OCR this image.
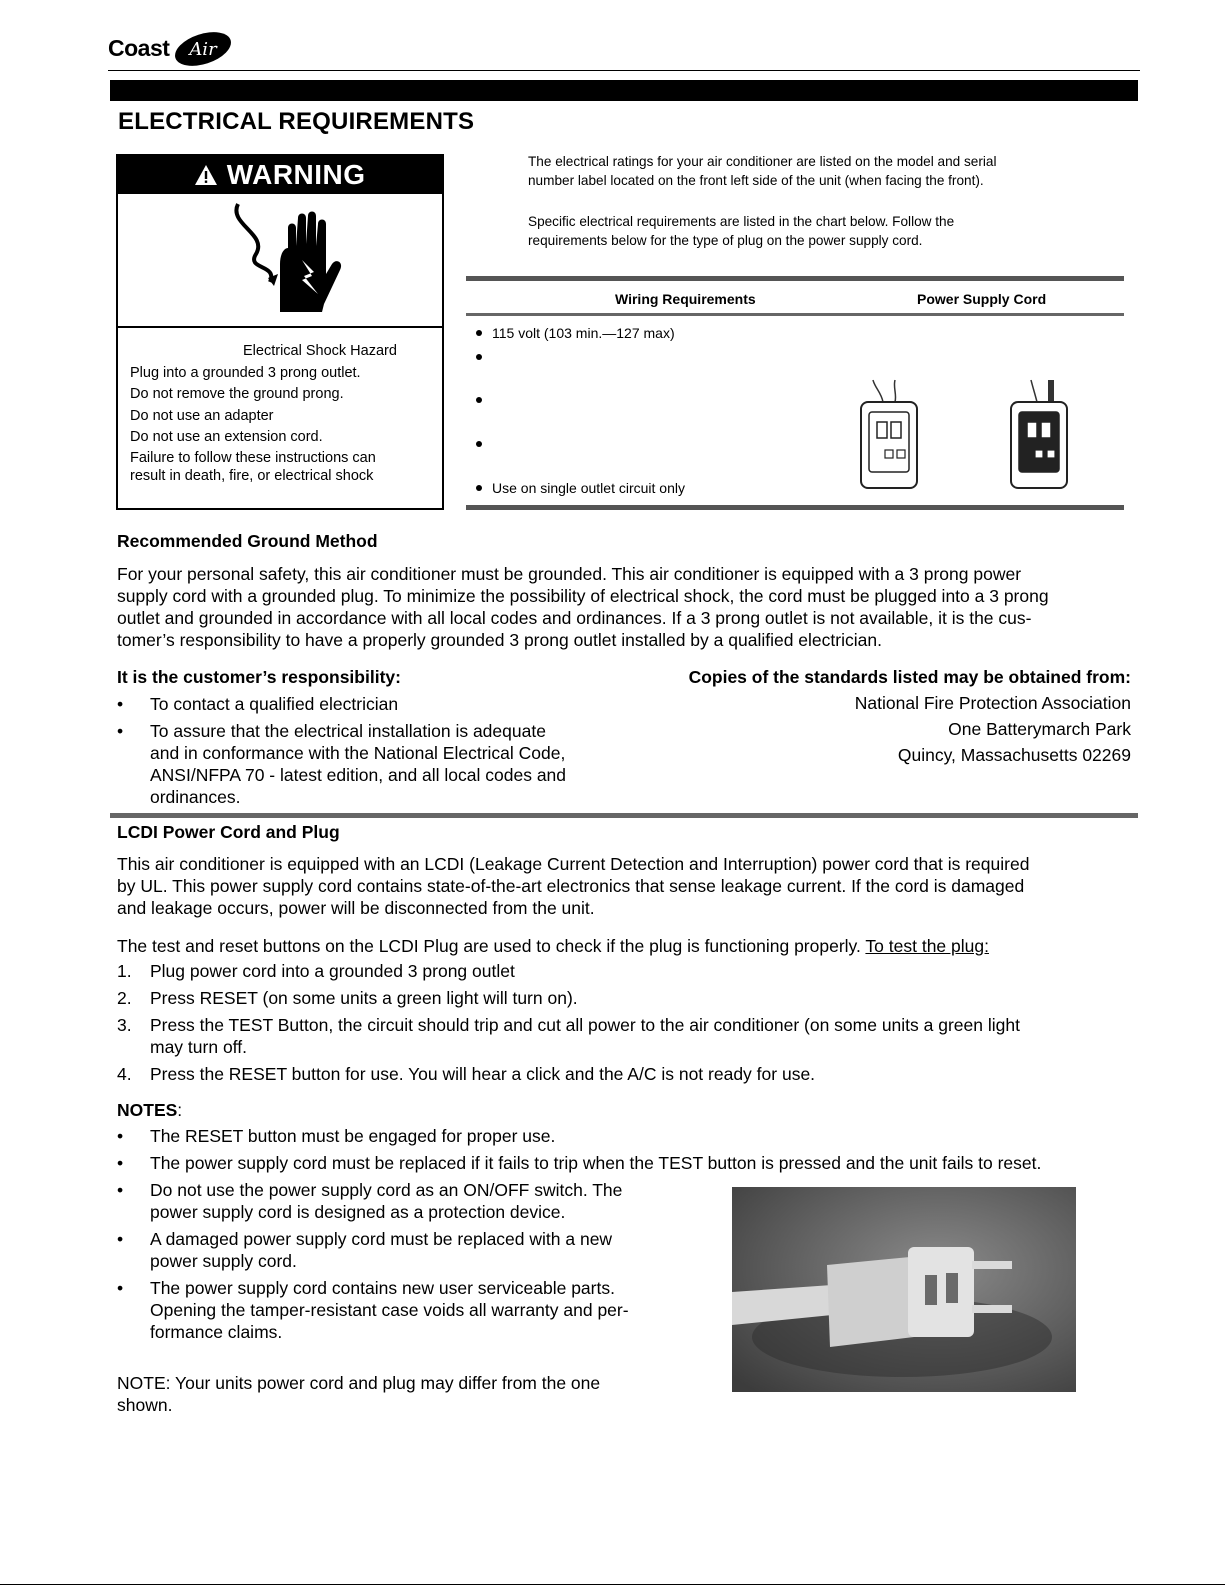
Coast Air
ELECTRICAL REQUIREMENTS
WARNING
Electrical Shock Hazard
Plug into a grounded 3 prong outlet.
Do not remove the ground prong.
Do not use an adapter
Do not use an extension cord.
Failure to follow these instructions can
result in death, fire, or electrical shock
The electrical ratings for your air conditioner are listed on the model and serial
number label located on the front left side of the unit (when facing the front).
Specific electrical requirements are listed in the chart below. Follow the
requirements below for the type of plug on the power supply cord.
Wiring Requirements	Power Supply Cord
115 volt (103 min.—127 max)
Use on single outlet circuit only
Recommended Ground Method
For your personal safety, this air conditioner must be grounded. This air conditioner is equipped with a 3 prong power
supply cord with a grounded plug. To minimize the possibility of electrical shock, the cord must be plugged into a 3 prong
outlet and grounded in accordance with all local codes and ordinances. If a 3 prong outlet is not available, it is the cus-
tomer’s responsibility to have a properly grounded 3 prong outlet installed by a qualified electrician.
It is the customer’s responsibility:
• To contact a qualified electrician
• To assure that the electrical installation is adequate
and in conformance with the National Electrical Code,
ANSI/NFPA 70 - latest edition, and all local codes and
ordinances.
Copies of the standards listed may be obtained from:
National Fire Protection Association
One Batterymarch Park
Quincy, Massachusetts 02269
LCDI Power Cord and Plug
This air conditioner is equipped with an LCDI (Leakage Current Detection and Interruption) power cord that is required
by UL. This power supply cord contains state-of-the-art electronics that sense leakage current. If the cord is damaged
and leakage occurs, power will be disconnected from the unit.
The test and reset buttons on the LCDI Plug are used to check if the plug is functioning properly. To test the plug:
1. Plug power cord into a grounded 3 prong outlet
2. Press RESET (on some units a green light will turn on).
3. Press the TEST Button, the circuit should trip and cut all power to the air conditioner (on some units a green light
may turn off.
4. Press the RESET button for use. You will hear a click and the A/C is not ready for use.
NOTES:
• The RESET button must be engaged for proper use.
• The power supply cord must be replaced if it fails to trip when the TEST button is pressed and the unit fails to reset.
• Do not use the power supply cord as an ON/OFF switch. The
power supply cord is designed as a protection device.
• A damaged power supply cord must be replaced with a new
power supply cord.
• The power supply cord contains new user serviceable parts.
Opening the tamper-resistant case voids all warranty and per-
formance claims.
NOTE: Your units power cord and plug may differ from the one
shown.
